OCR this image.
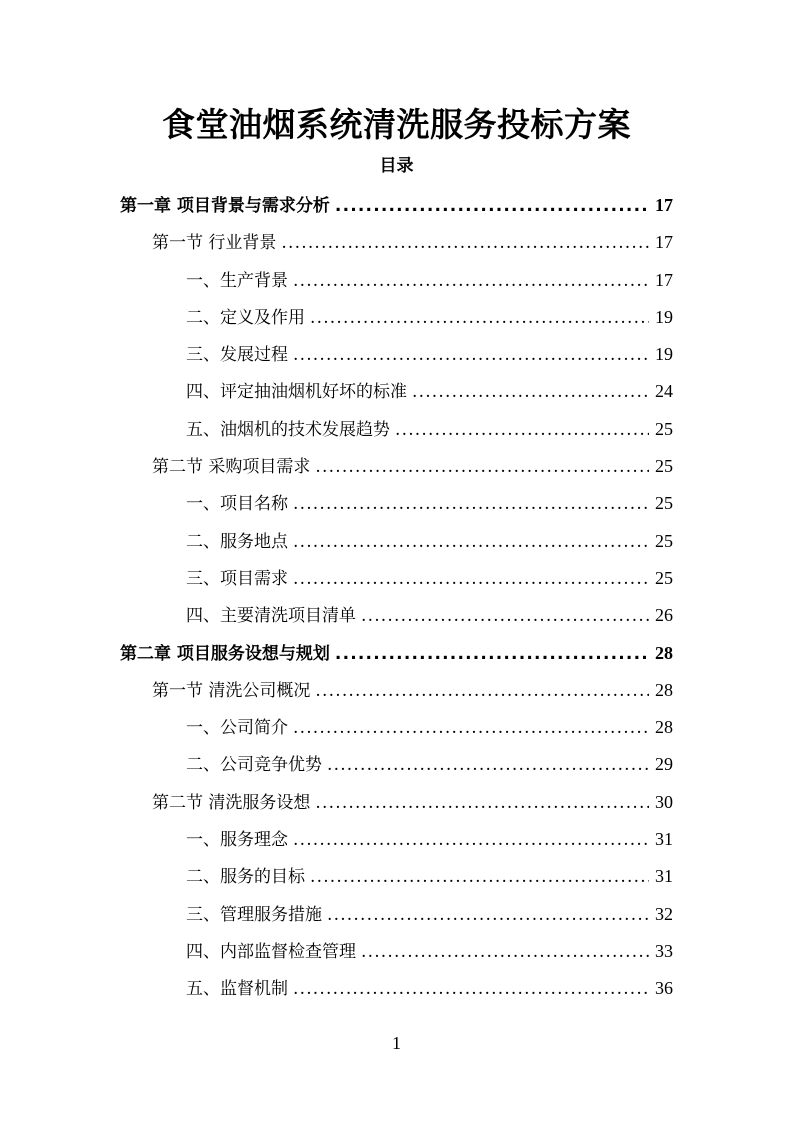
食堂油烟系统清洗服务投标方案
目录
第一章 项目背景与需求分析 .....	17
第一节 行业背景 .....	17
一、生产背景 .....	17
二、定义及作用 .....	19
三、发展过程 .....	19
四、评定抽油烟机好坏的标准 .....	24
五、油烟机的技术发展趋势 .....	25
第二节 采购项目需求 .....	25
一、项目名称 .....	25
二、服务地点 .....	25
三、项目需求 .....	25
四、主要清洗项目清单 .....	26
第二章 项目服务设想与规划 .....	28
第一节 清洗公司概况 .....	28
一、公司简介 .....	28
二、公司竞争优势 .....	29
第二节 清洗服务设想 .....	30
一、服务理念 .....	31
二、服务的目标 .....	31
三、管理服务措施 .....	32
四、内部监督检查管理 .....	33
五、监督机制 .....	36

1
